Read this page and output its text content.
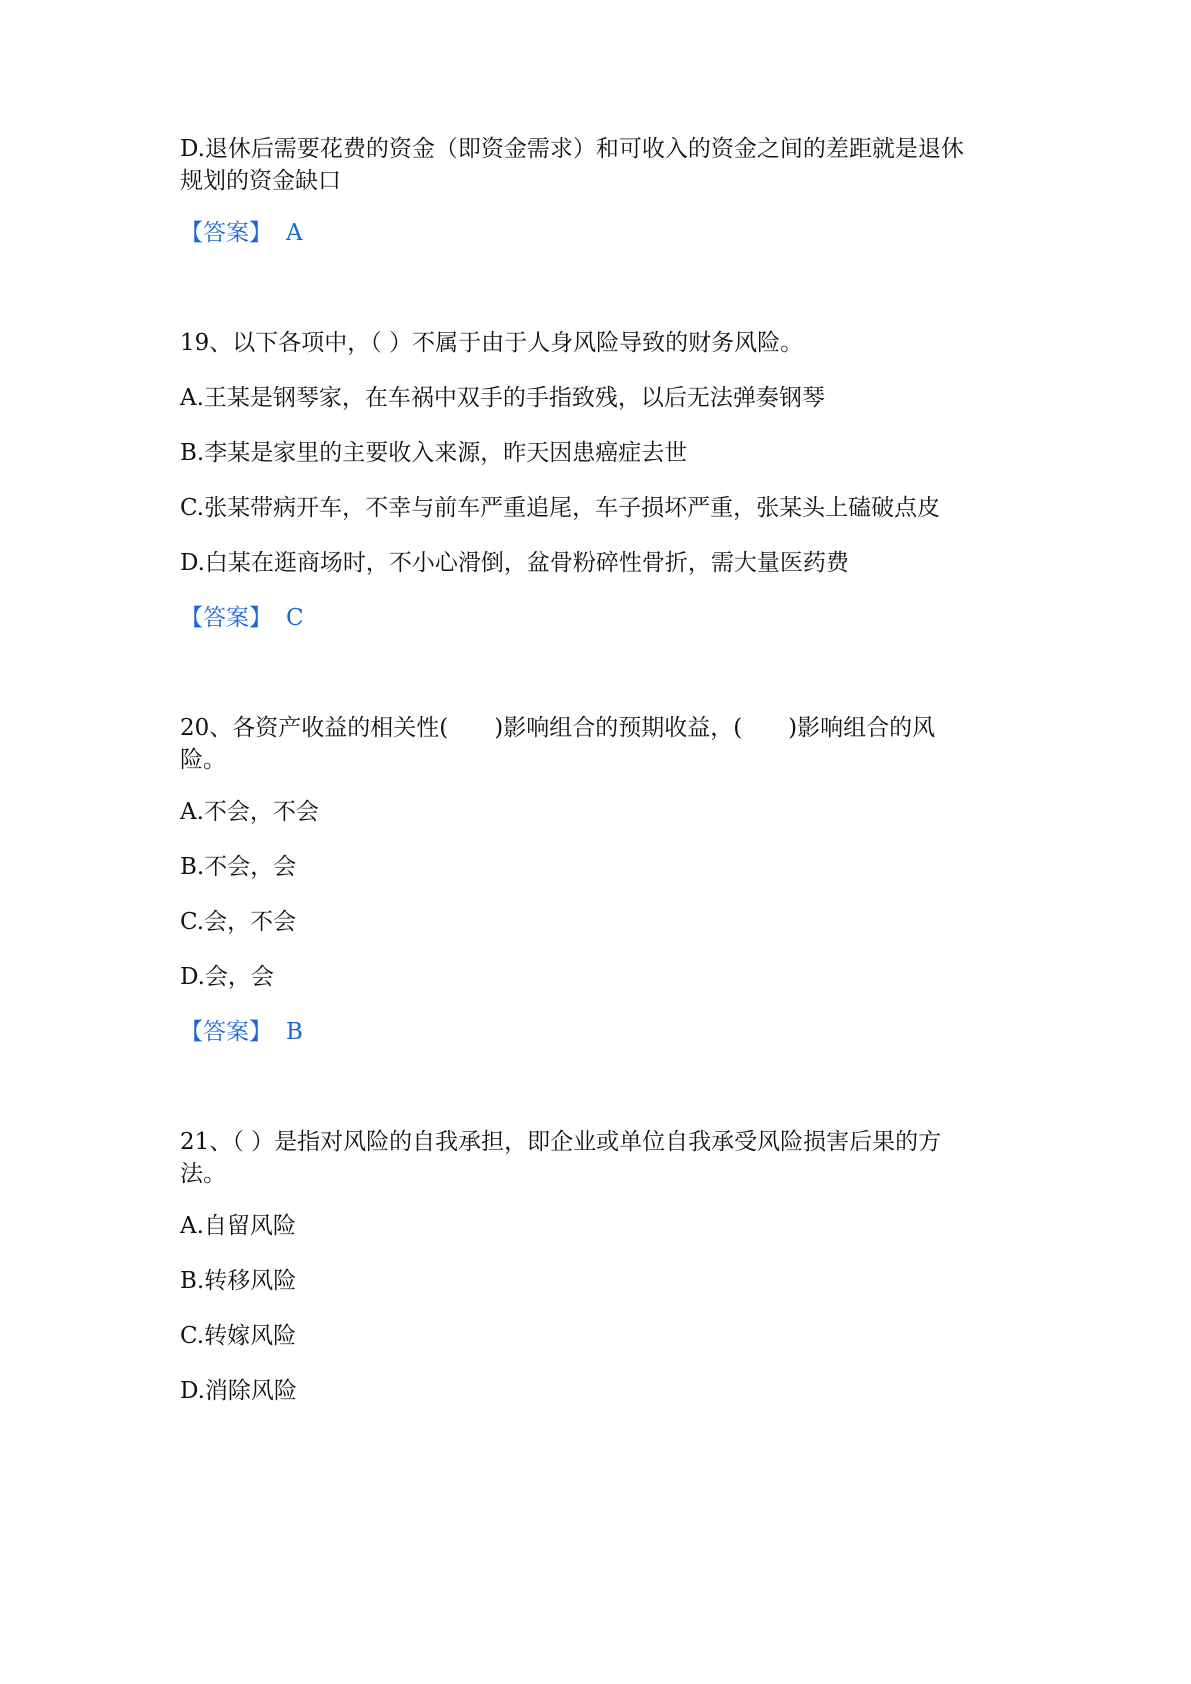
D.退休后需要花费的资金（即资金需求）和可收入的资金之间的差距就是退休
规划的资金缺口
【答案】 A
19、以下各项中，（ ）不属于由于人身风险导致的财务风险。
A.王某是钢琴家，在车祸中双手的手指致残，以后无法弹奏钢琴
B.李某是家里的主要收入来源，昨天因患癌症去世
C.张某带病开车，不幸与前车严重追尾，车子损坏严重，张某头上磕破点皮
D.白某在逛商场时，不小心滑倒，盆骨粉碎性骨折，需大量医药费
【答案】 C
20、各资产收益的相关性(　　)影响组合的预期收益，(　　)影响组合的风
险。
A.不会，不会
B.不会，会
C.会，不会
D.会，会
【答案】 B
21、（ ）是指对风险的自我承担，即企业或单位自我承受风险损害后果的方
法。
A.自留风险
B.转移风险
C.转嫁风险
D.消除风险
